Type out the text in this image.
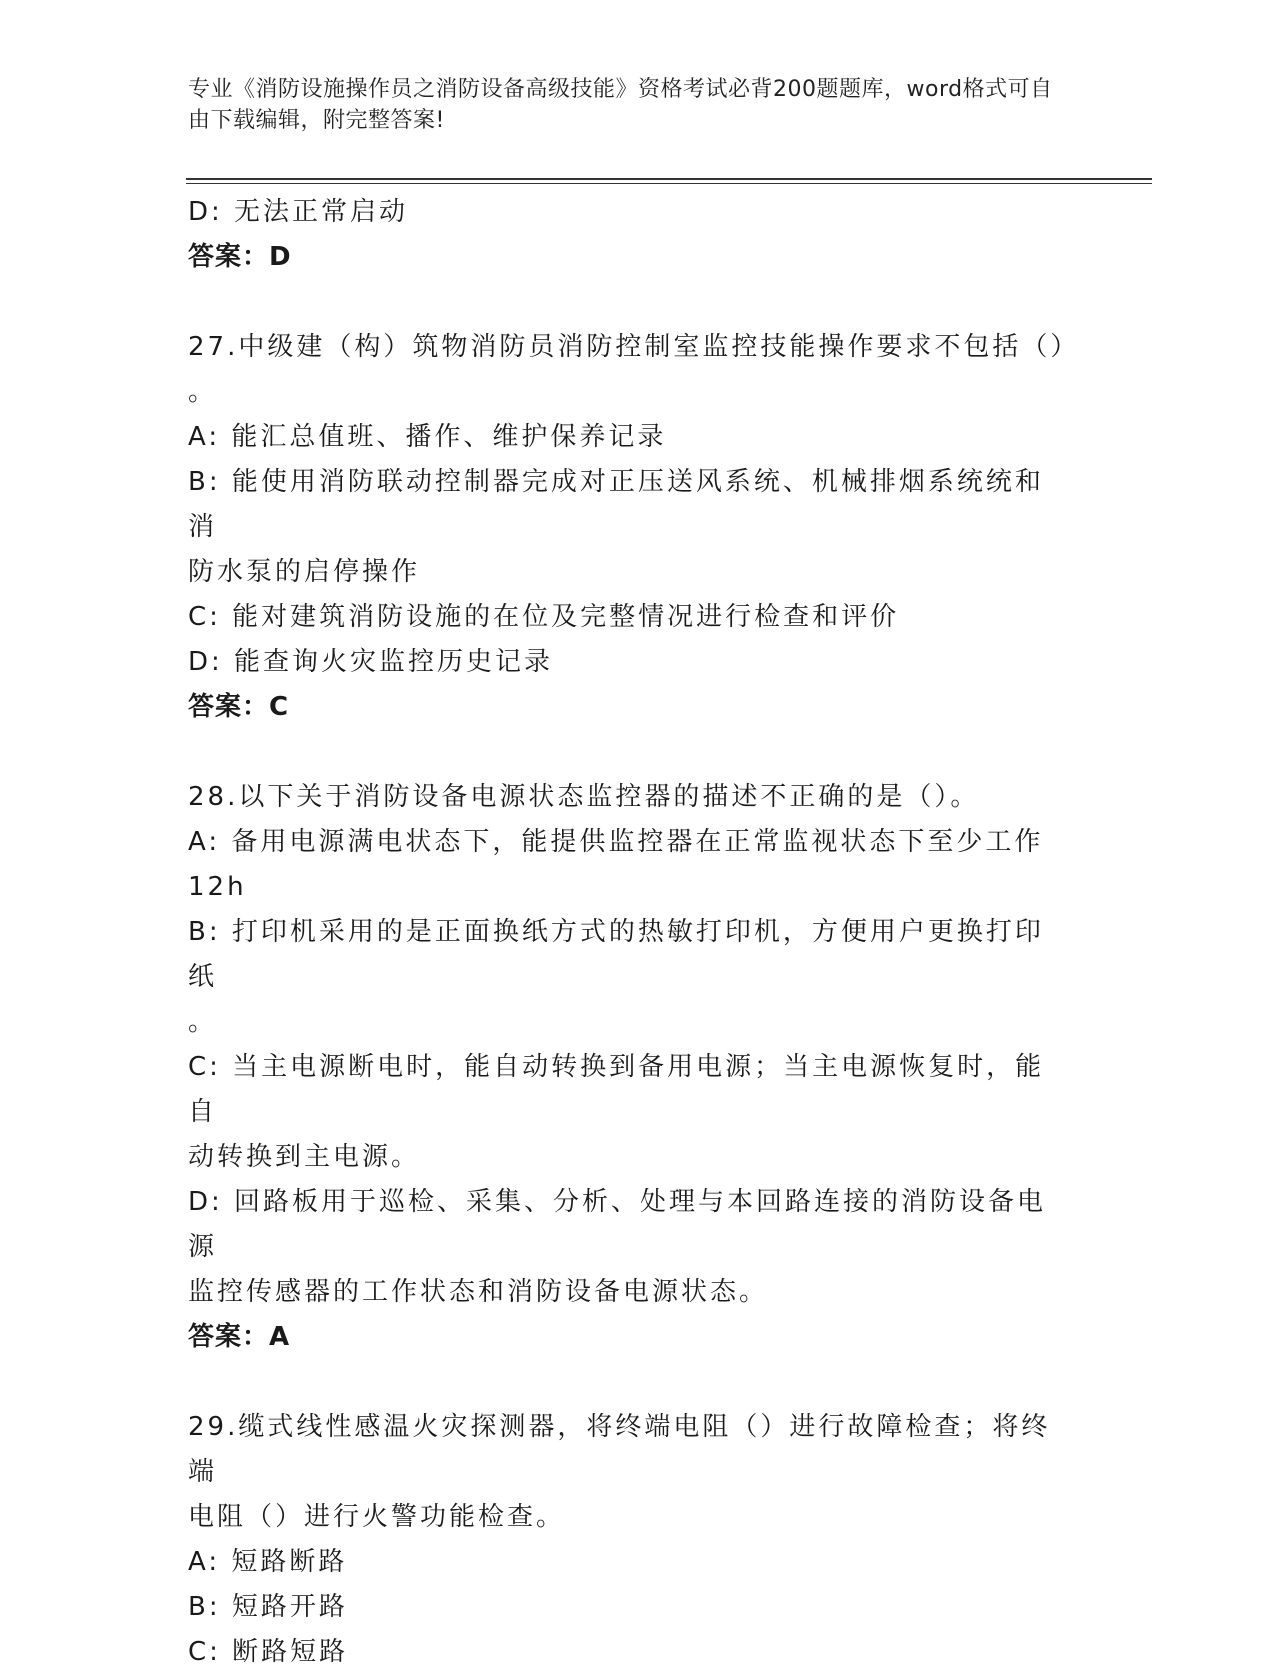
专业《消防设施操作员之消防设备高级技能》资格考试必背200题题库，word格式可自由下载编辑，附完整答案!
D: 无法正常启动
答案：D
27.中级建（构）筑物消防员消防控制室监控技能操作要求不包括（）
。
A: 能汇总值班、播作、维护保养记录
B: 能使用消防联动控制器完成对正压送风系统、机械排烟系统统和消
防水泵的启停操作
C: 能对建筑消防设施的在位及完整情况进行检查和评价
D: 能查询火灾监控历史记录
答案：C
28.以下关于消防设备电源状态监控器的描述不正确的是（）。
A: 备用电源满电状态下，能提供监控器在正常监视状态下至少工作
12h
B: 打印机采用的是正面换纸方式的热敏打印机，方便用户更换打印纸
。
C: 当主电源断电时，能自动转换到备用电源；当主电源恢复时，能自
动转换到主电源。
D: 回路板用于巡检、采集、分析、处理与本回路连接的消防设备电源
监控传感器的工作状态和消防设备电源状态。
答案：A
29.缆式线性感温火灾探测器，将终端电阻（）进行故障检查；将终端
电阻（）进行火警功能检查。
A: 短路断路
B: 短路开路
C: 断路短路
